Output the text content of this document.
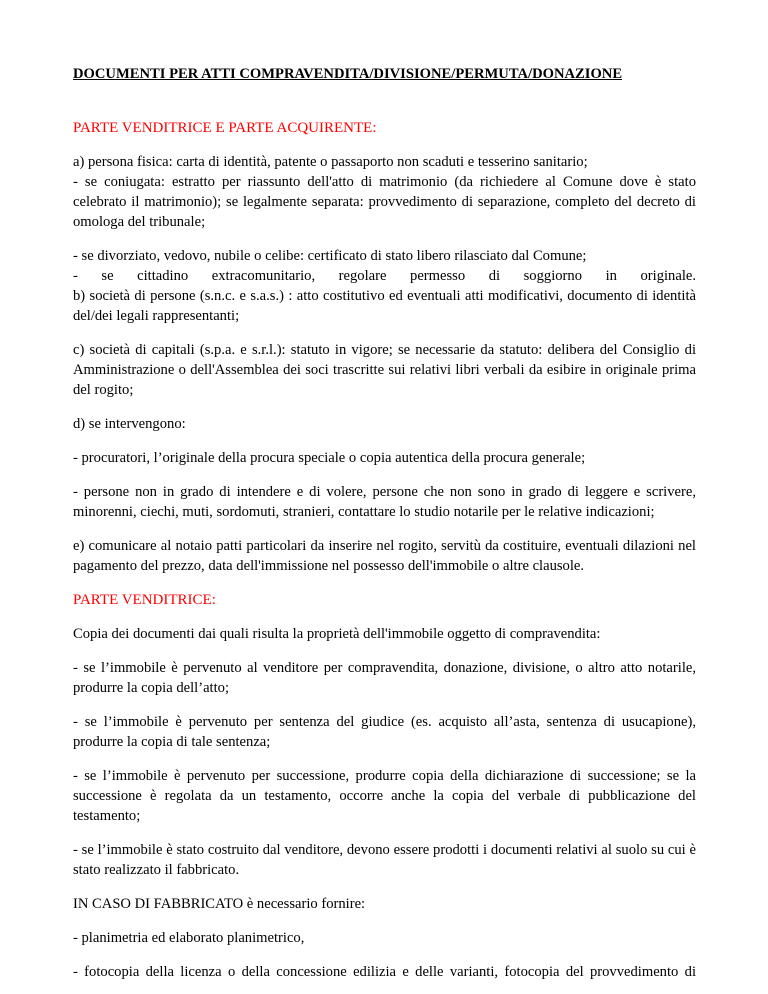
DOCUMENTI PER ATTI COMPRAVENDITA/DIVISIONE/PERMUTA/DONAZIONE
PARTE VENDITRICE E PARTE ACQUIRENTE:

a) persona fisica: carta di identità, patente o passaporto non scaduti e tesserino sanitario;
- se coniugata: estratto per riassunto dell'atto di matrimonio (da richiedere al Comune dove è stato celebrato il matrimonio); se legalmente separata: provvedimento di separazione, completo del decreto di omologa del tribunale;

- se divorziato, vedovo, nubile o celibe: certificato di stato libero rilasciato dal Comune;
- se cittadino extracomunitario, regolare permesso di soggiorno in originale.
b) società di persone (s.n.c. e s.a.s.) : atto costitutivo ed eventuali atti modificativi, documento di identità del/dei legali rappresentanti;

c) società di capitali (s.p.a. e s.r.l.): statuto in vigore; se necessarie da statuto: delibera del Consiglio di Amministrazione o dell'Assemblea dei soci trascritte sui relativi libri verbali da esibire in originale prima del rogito;

d) se intervengono:

- procuratori, l’originale della procura speciale o copia autentica della procura generale;

- persone non in grado di intendere e di volere, persone che non sono in grado di leggere e scrivere, minorenni, ciechi, muti, sordomuti, stranieri, contattare lo studio notarile per le relative indicazioni;

e) comunicare al notaio patti particolari da inserire nel rogito, servitù da costituire, eventuali dilazioni nel pagamento del prezzo, data dell'immissione nel possesso dell'immobile o altre clausole.

PARTE VENDITRICE:

Copia dei documenti dai quali risulta la proprietà dell'immobile oggetto di compravendita:

- se l’immobile è pervenuto al venditore per compravendita, donazione, divisione, o altro atto notarile, produrre la copia dell’atto;

- se l’immobile è pervenuto per sentenza del giudice (es. acquisto all’asta, sentenza di usucapione), produrre la copia di tale sentenza;

- se l’immobile è pervenuto per successione, produrre copia della dichiarazione di successione; se la successione è regolata da un testamento, occorre anche la copia del verbale di pubblicazione del testamento;

- se l’immobile è stato costruito dal venditore, devono essere prodotti i documenti relativi al suolo su cui è stato realizzato il fabbricato.

IN CASO DI FABBRICATO è necessario fornire:

- planimetria ed elaborato planimetrico,

- fotocopia della licenza o della concessione edilizia e delle varianti, fotocopia del provvedimento di
